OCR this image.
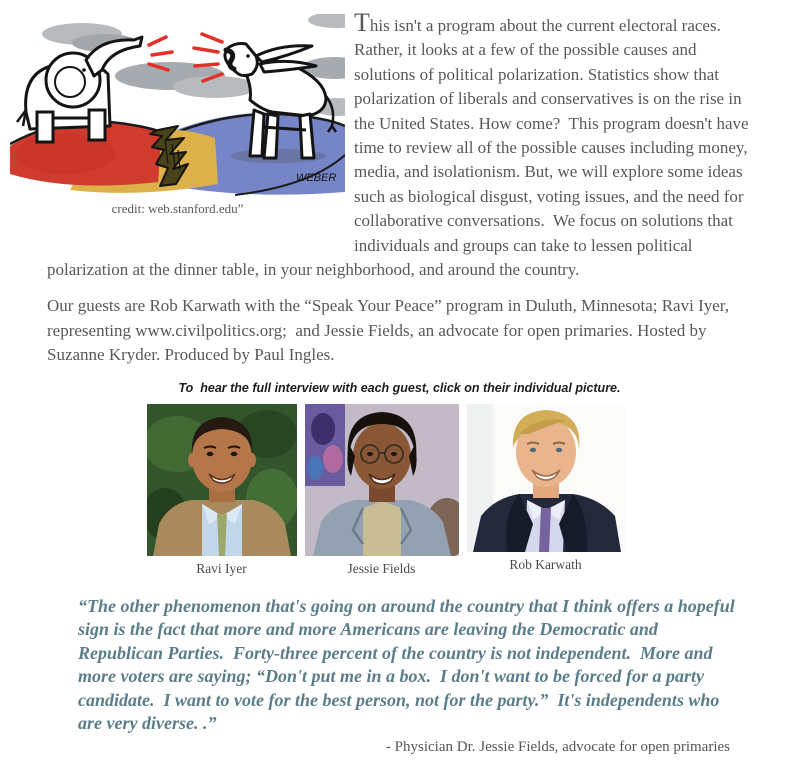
WEBER
credit: web.stanford.edu”

This isn't a program about the current electoral races.  Rather, it looks at a few of the possible causes and solutions of political polarization. Statistics show that polarization of liberals and conservatives is on the rise in the United States. How come?  This program doesn't have time to review all of the possible causes including money, media, and isolationism. But, we will explore some ideas such as biological disgust, voting issues, and the need for collaborative conversations.  We focus on solutions that individuals and groups can take to lessen political polarization at the dinner table, in your neighborhood, and around the country.

Our guests are Rob Karwath with the “Speak Your Peace” program in Duluth, Minnesota; Ravi Iyer, representing www.civilpolitics.org;  and Jessie Fields, an advocate for open primaries. Hosted by Suzanne Kryder. Produced by Paul Ingles.

To  hear the full interview with each guest, click on their individual picture.

Ravi Iyer	Jessie Fields	Rob Karwath
“The other phenomenon that's going on around the country that I think offers a hopeful sign is the fact that more and more Americans are leaving the Democratic and Republican Parties.  Forty-three percent of the country is not independent.  More and more voters are saying; “Don't put me in a box.  I don't want to be forced for a party candidate.  I want to vote for the best person, not for the party.”  It's independents who are very diverse. .”
- Physician Dr. Jessie Fields, advocate for open primaries
